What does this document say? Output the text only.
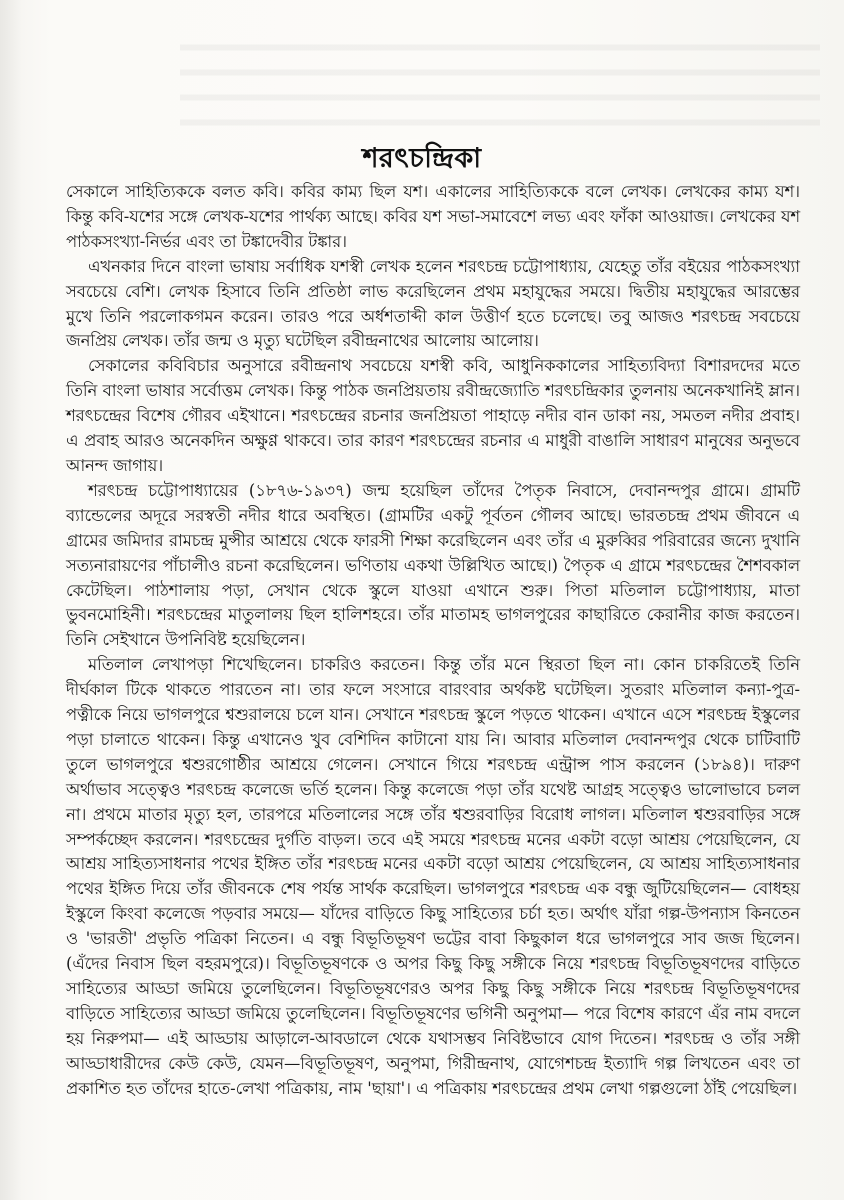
শরৎচন্দ্রিকা

সেকালে সাহিত্যিককে বলত কবি। কবির কাম্য ছিল যশ। একালের সাহিত্যিককে বলে লেখক। লেখকের কাম্য যশ। কিন্তু কবি-যশের সঙ্গে লেখক-যশের পার্থক্য আছে। কবির যশ সভা-সমাবেশে লভ্য এবং ফাঁকা আওয়াজ। লেখকের যশ পাঠকসংখ্যা-নির্ভর এবং তা টঙ্কাদেবীর টঙ্কার।

এখনকার দিনে বাংলা ভাষায় সর্বাধিক যশস্বী লেখক হলেন শরৎচন্দ্র চট্টোপাধ্যায়, যেহেতু তাঁর বইয়ের পাঠকসংখ্যা সবচেয়ে বেশি। লেখক হিসাবে তিনি প্রতিষ্ঠা লাভ করেছিলেন প্রথম মহাযুদ্ধের সময়ে। দ্বিতীয় মহাযুদ্ধের আরম্ভের মুখে তিনি পরলোকগমন করেন। তারও পরে অর্ধশতাব্দী কাল উত্তীর্ণ হতে চলেছে। তবু আজও শরৎচন্দ্র সবচেয়ে জনপ্রিয় লেখক। তাঁর জন্ম ও মৃত্যু ঘটেছিল রবীন্দ্রনাথের আলোয় আলোয়।

সেকালের কবিবিচার অনুসারে রবীন্দ্রনাথ সবচেয়ে যশস্বী কবি, আধুনিককালের সাহিত্যবিদ্যা বিশারদদের মতে তিনি বাংলা ভাষার সর্বোত্তম লেখক। কিন্তু পাঠক জনপ্রিয়তায় রবীন্দ্রজ্যোতি শরৎচন্দ্রিকার তুলনায় অনেকখানিই ম্লান। শরৎচন্দ্রের বিশেষ গৌরব এইখানে। শরৎচন্দ্রের রচনার জনপ্রিয়তা পাহাড়ে নদীর বান ডাকা নয়, সমতল নদীর প্রবাহ। এ প্রবাহ আরও অনেকদিন অক্ষুণ্ণ থাকবে। তার কারণ শরৎচন্দ্রের রচনার এ মাধুরী বাঙালি সাধারণ মানুষের অনুভবে আনন্দ জাগায়।

শরৎচন্দ্র চট্টোপাধ্যায়ের (১৮৭৬-১৯৩৭) জন্ম হয়েছিল তাঁদের পৈতৃক নিবাসে, দেবানন্দপুর গ্রামে। গ্রামটি ব্যান্ডেলের অদূরে সরস্বতী নদীর ধারে অবস্থিত। (গ্রামটির একটু পূর্বতন গৌলব আছে। ভারতচন্দ্র প্রথম জীবনে এ গ্রামের জমিদার রামচন্দ্র মুন্সীর আশ্রয়ে থেকে ফারসী শিক্ষা করেছিলেন এবং তাঁর এ মুরুব্বির পরিবারের জন্যে দুখানি সত্যনারায়ণের পাঁচালীও রচনা করেছিলেন। ভণিতায় একথা উল্লিখিত আছে।) পৈতৃক এ গ্রামে শরৎচন্দ্রের শৈশবকাল কেটেছিল। পাঠশালায় পড়া, সেখান থেকে স্কুলে যাওয়া এখানে শুরু। পিতা মতিলাল চট্টোপাধ্যায়, মাতা ভুবনমোহিনী। শরৎচন্দ্রের মাতুলালয় ছিল হালিশহরে। তাঁর মাতামহ ভাগলপুরের কাছারিতে কেরানীর কাজ করতেন। তিনি সেইখানে উপনিবিষ্ট হয়েছিলেন।

মতিলাল লেখাপড়া শিখেছিলেন। চাকরিও করতেন। কিন্তু তাঁর মনে স্থিরতা ছিল না। কোন চাকরিতেই তিনি দীর্ঘকাল টিকে থাকতে পারতেন না। তার ফলে সংসারে বারংবার অর্থকষ্ট ঘটেছিল। সুতরাং মতিলাল কন্যা-পুত্র-পত্নীকে নিয়ে ভাগলপুরে শ্বশুরালয়ে চলে যান। সেখানে শরৎচন্দ্র স্কুলে পড়তে থাকেন। এখানে এসে শরৎচন্দ্র ইস্কুলের পড়া চালাতে থাকেন। কিন্তু এখানেও খুব বেশিদিন কাটানো যায় নি। আবার মতিলাল দেবানন্দপুর থেকে চাটিবাটি তুলে ভাগলপুরে শ্বশুরগোষ্ঠীর আশ্রয়ে গেলেন। সেখানে গিয়ে শরৎচন্দ্র এন্ট্রান্স পাস করলেন (১৮৯৪)। দারুণ অর্থাভাব সত্ত্বেও শরৎচন্দ্র কলেজে ভর্তি হলেন। কিন্তু কলেজে পড়া তাঁর যথেষ্ট আগ্রহ সত্ত্বেও ভালোভাবে চলল না। প্রথমে মাতার মৃত্যু হল, তারপরে মতিলালের সঙ্গে তাঁর শ্বশুরবাড়ির বিরোধ লাগল। মতিলাল শ্বশুরবাড়ির সঙ্গে সম্পর্কচ্ছেদ করলেন। শরৎচন্দ্রের দুর্গতি বাড়ল। তবে এই সময়ে শরৎচন্দ্র মনের একটা বড়ো আশ্রয় পেয়েছিলেন, যে আশ্রয় সাহিত্যসাধনার পথের ইঙ্গিত তাঁর শরৎচন্দ্র মনের একটা বড়ো আশ্রয় পেয়েছিলেন, যে আশ্রয় সাহিত্যসাধনার পথের ইঙ্গিত দিয়ে তাঁর জীবনকে শেষ পর্যন্ত সার্থক করেছিল। ভাগলপুরে শরৎচন্দ্র এক বন্ধু জুটিয়েছিলেন— বোধহয় ইস্কুলে কিংবা কলেজে পড়বার সময়ে— যাঁদের বাড়িতে কিছু সাহিত্যের চর্চা হত। অর্থাৎ যাঁরা গল্প-উপন্যাস কিনতেন ও 'ভারতী' প্রভৃতি পত্রিকা নিতেন। এ বন্ধু বিভূতিভূষণ ভট্টের বাবা কিছুকাল ধরে ভাগলপুরে সাব জজ ছিলেন। (এঁদের নিবাস ছিল বহরমপুরে)। বিভূতিভূষণকে ও অপর কিছু কিছু সঙ্গীকে নিয়ে শরৎচন্দ্র বিভূতিভূষণদের বাড়িতে সাহিত্যের আড্ডা জমিয়ে তুলেছিলেন। বিভূতিভূষণেরও অপর কিছু কিছু সঙ্গীকে নিয়ে শরৎচন্দ্র বিভূতিভূষণদের বাড়িতে সাহিত্যের আড্ডা জমিয়ে তুলেছিলেন। বিভূতিভূষণের ভগিনী অনুপমা— পরে বিশেষ কারণে এঁর নাম বদলে হয় নিরুপমা— এই আড্ডায় আড়ালে-আবডালে থেকে যথাসম্ভব নিবিষ্টভাবে যোগ দিতেন। শরৎচন্দ্র ও তাঁর সঙ্গী আড্ডাধারীদের কেউ কেউ, যেমন—বিভূতিভূষণ, অনুপমা, গিরীন্দ্রনাথ, যোগেশচন্দ্র ইত্যাদি গল্প লিখতেন এবং তা প্রকাশিত হত তাঁদের হাতে-লেখা পত্রিকায়, নাম 'ছায়া'। এ পত্রিকায় শরৎচন্দ্রের প্রথম লেখা গল্পগুলো ঠাঁই পেয়েছিল।
